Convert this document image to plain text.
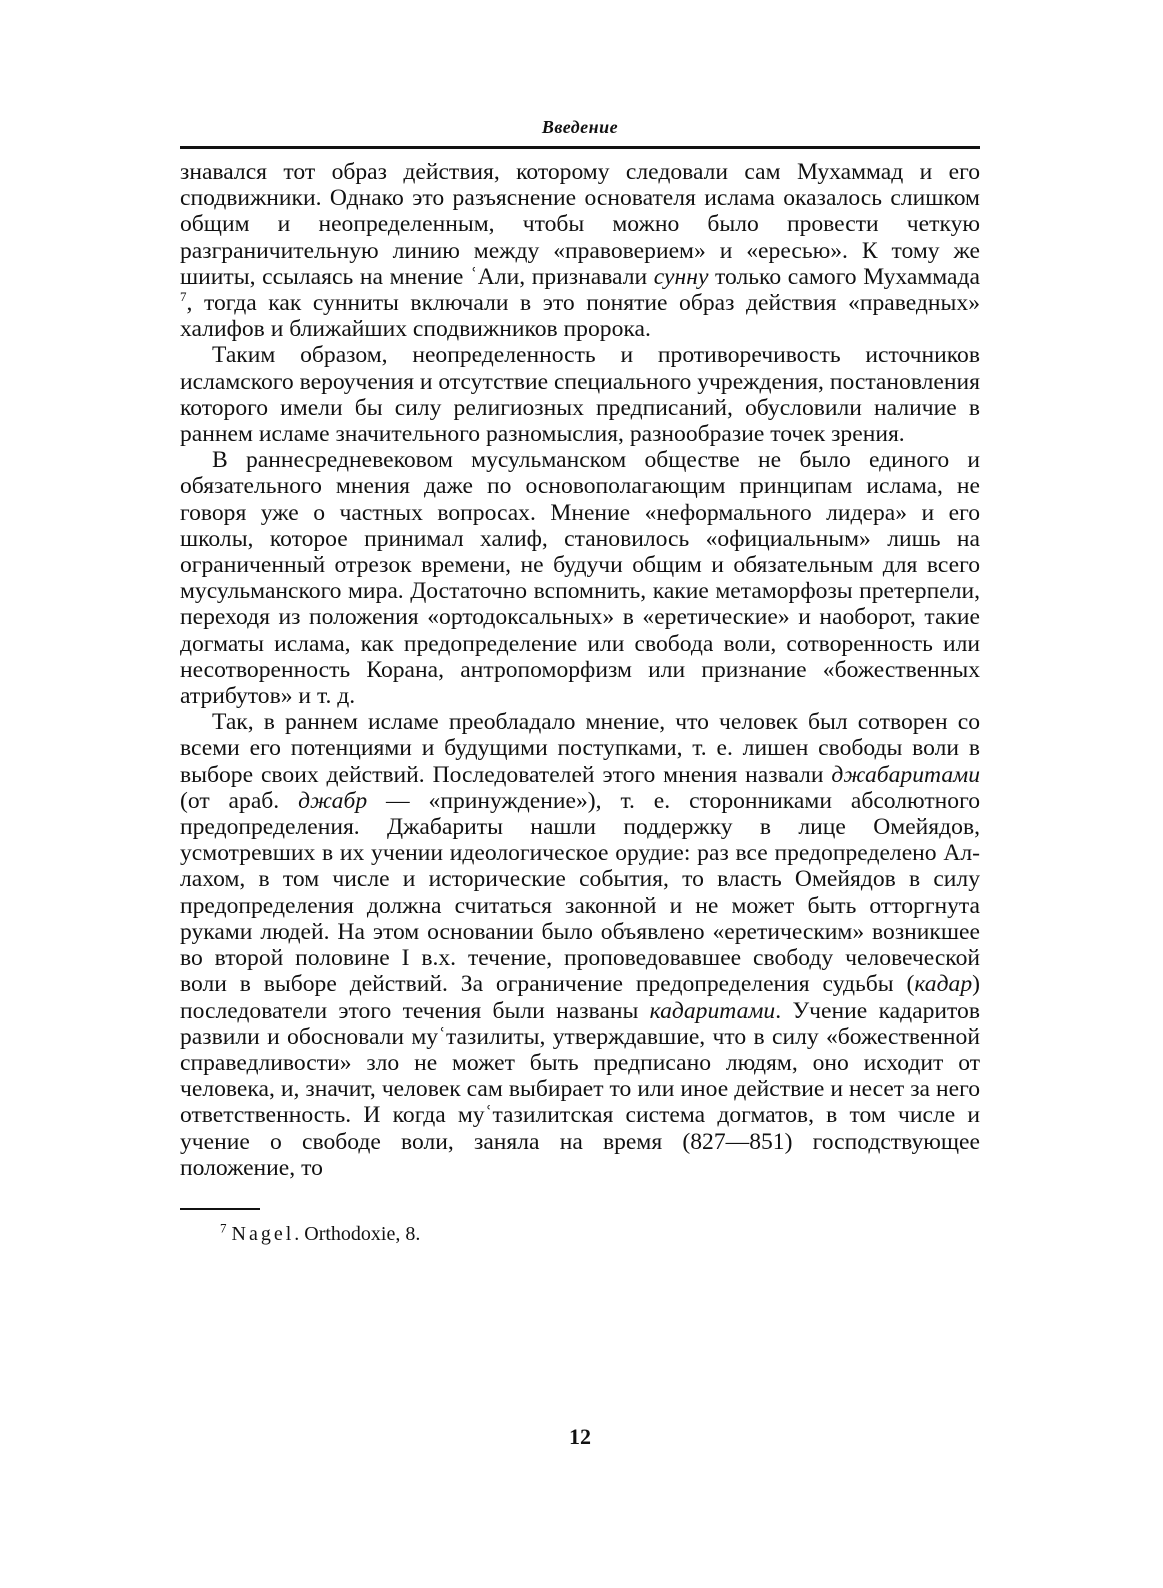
Введение

знавался тот образ действия, которому следовали сам Мухаммад и его сподвижники. Однако это разъяснение основателя ислама оказалось слишком общим и неопределенным, чтобы можно было провести четкую разграничительную линию между «правоверием» и «ересью». К тому же шииты, ссылаясь на мнение ʿАли, признавали сунну только самого Мухаммада $^7$, тогда как сунниты включали в это понятие образ действия «праведных» халифов и ближайших сподвижников пророка.

Таким образом, неопределенность и противоречивость источников исламского вероучения и отсутствие специального учреждения, постановления которого имели бы силу религиозных предписаний, обусловили наличие в раннем исламе значительного разномыслия, разнообразие точек зрения.

В раннесредневековом мусульманском обществе не было единого и обязательного мнения даже по основополагающим принципам ислама, не говоря уже о частных вопросах. Мнение «неформального лидера» и его школы, которое принимал халиф, становилось «официальным» лишь на ограниченный отрезок времени, не будучи общим и обязательным для всего мусульманского мира. Достаточно вспомнить, какие метаморфозы претерпели, переходя из положения «ортодоксальных» в «еретические» и наоборот, такие догматы ислама, как предопределение или свобода воли, сотворенность или несотворенность Корана, антропоморфизм или признание «божественных атрибутов» и т. д.

Так, в раннем исламе преобладало мнение, что человек был сотворен со всеми его потенциями и будущими поступками, т. е. лишен свободы воли в выборе своих действий. Последователей этого мнения назвали джабаритами (от араб. джабр — «принуждение»), т. е. сторонниками абсолютного предопределения. Джабариты нашли поддержку в лице Омейядов, усмотревших в их учении идеологическое орудие: раз все предопределено Аллахом, в том числе и исторические события, то власть Омейядов в силу предопределения должна считаться законной и не может быть отторгнута руками людей. На этом основании было объявлено «еретическим» возникшее во второй половине I в.х. течение, проповедовавшее свободу человеческой воли в выборе действий. За ограничение предопределения судьбы (кадар) последователи этого течения были названы кадаритами. Учение кадаритов развили и обосновали муʿтазилиты, утверждавшие, что в силу «божественной справедливости» зло не может быть предписано людям, оно исходит от человека, и, значит, человек сам выбирает то или иное действие и несет за него ответственность. И когда муʿтазилитская система догматов, в том числе и учение о свободе воли, заняла на время (827—851) господствующее положение, то

$^7$ Nagel. Orthodoxie, 8.
12
